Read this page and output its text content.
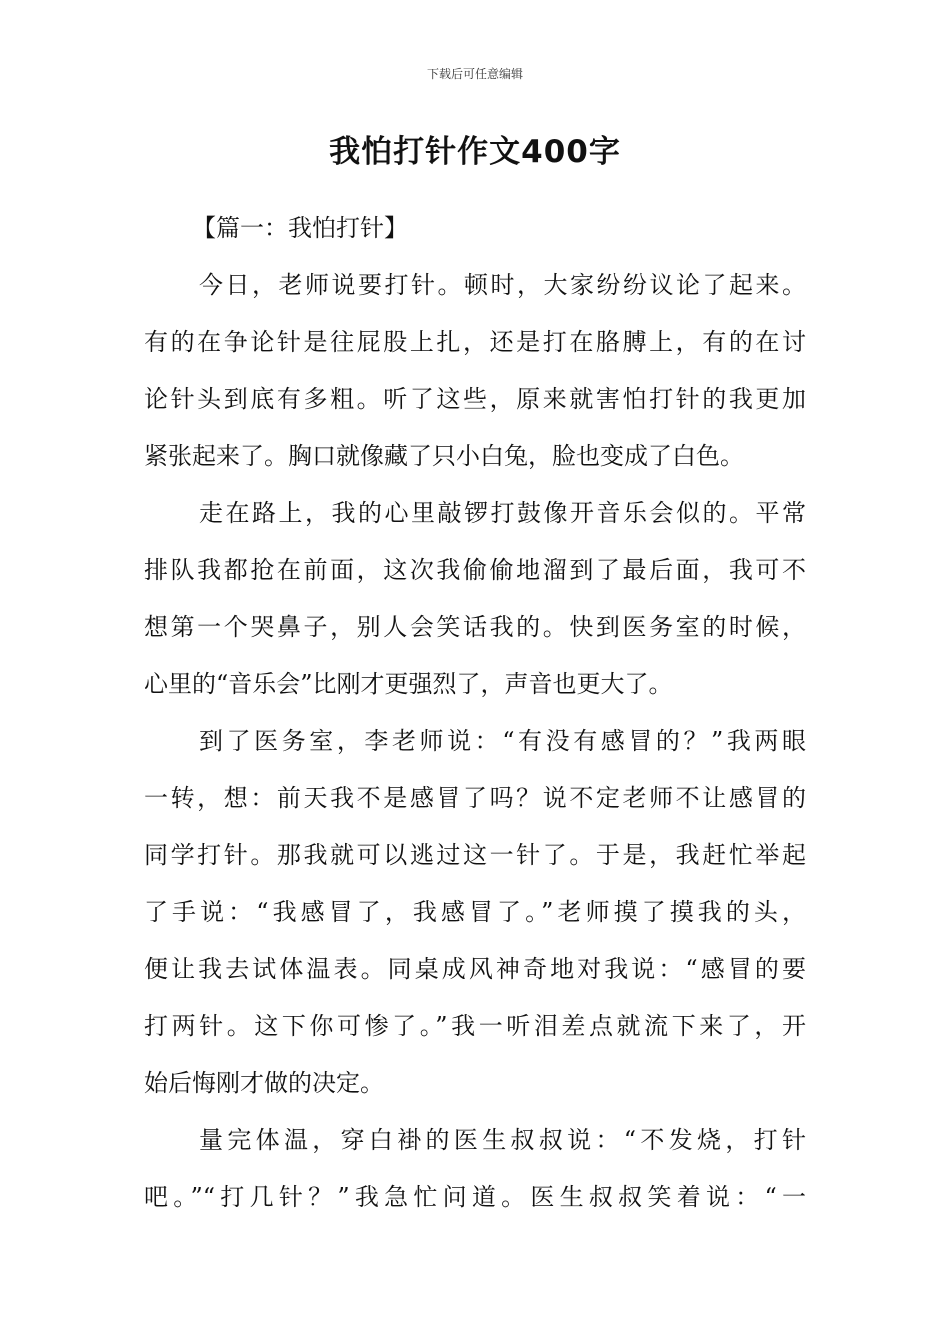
下载后可任意编辑
我怕打针作文400字
【篇一：我怕打针】
今日，老师说要打针。顿时，大家纷纷议论了起来。
有的在争论针是往屁股上扎，还是打在胳膊上，有的在讨
论针头到底有多粗。听了这些，原来就害怕打针的我更加
紧张起来了。胸口就像藏了只小白兔，脸也变成了白色。
走在路上，我的心里敲锣打鼓像开音乐会似的。平常
排队我都抢在前面，这次我偷偷地溜到了最后面，我可不
想第一个哭鼻子，别人会笑话我的。快到医务室的时候，
心里的“音乐会”比刚才更强烈了，声音也更大了。
到了医务室，李老师说：“有没有感冒的？”我两眼
一转，想：前天我不是感冒了吗？说不定老师不让感冒的
同学打针。那我就可以逃过这一针了。于是，我赶忙举起
了手说：“我感冒了，我感冒了。”老师摸了摸我的头，
便让我去试体温表。同桌成风神奇地对我说：“感冒的要
打两针。这下你可惨了。”我一听泪差点就流下来了，开
始后悔刚才做的决定。
量完体温，穿白褂的医生叔叔说：“不发烧，打针
吧。”“打几针？”我急忙问道。医生叔叔笑着说：“一
